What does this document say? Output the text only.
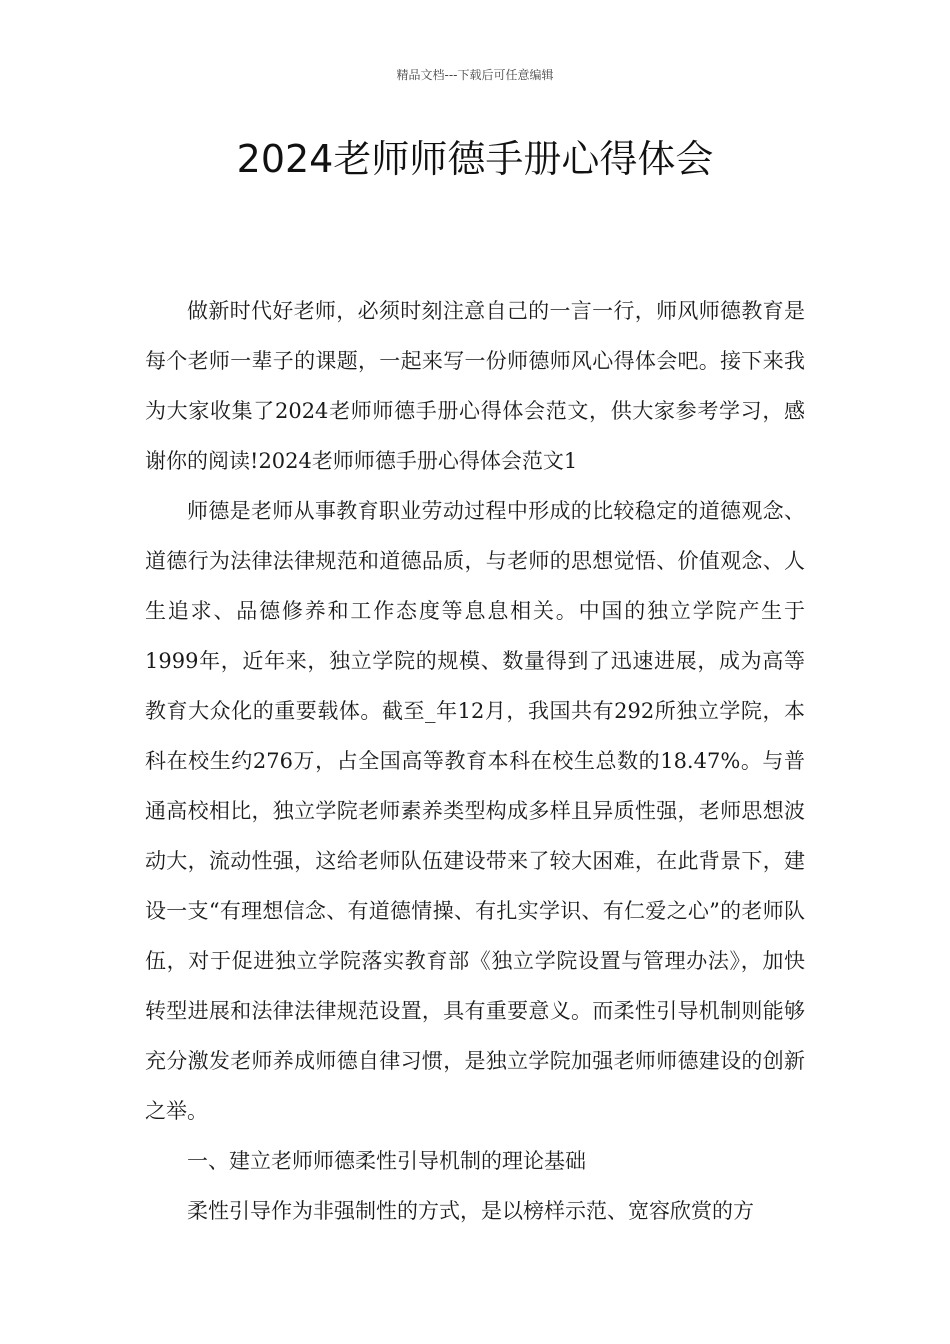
精品文档---下载后可任意编辑
2024老师师德手册心得体会

做新时代好老师，必须时刻注意自己的一言一行，师风师德教育是每个老师一辈子的课题，一起来写一份师德师风心得体会吧。接下来我为大家收集了2024老师师德手册心得体会范文，供大家参考学习，感谢你的阅读!2024老师师德手册心得体会范文1

师德是老师从事教育职业劳动过程中形成的比较稳定的道德观念、道德行为法律法律规范和道德品质，与老师的思想觉悟、价值观念、人生追求、品德修养和工作态度等息息相关。中国的独立学院产生于1999年，近年来，独立学院的规模、数量得到了迅速进展，成为高等教育大众化的重要载体。截至_年12月，我国共有292所独立学院，本科在校生约276万，占全国高等教育本科在校生总数的18.47%。与普通高校相比，独立学院老师素养类型构成多样且异质性强，老师思想波动大，流动性强，这给老师队伍建设带来了较大困难，在此背景下，建设一支“有理想信念、有道德情操、有扎实学识、有仁爱之心”的老师队伍，对于促进独立学院落实教育部《独立学院设置与管理办法》，加快转型进展和法律法律规范设置，具有重要意义。而柔性引导机制则能够充分激发老师养成师德自律习惯，是独立学院加强老师师德建设的创新之举。

一、建立老师师德柔性引导机制的理论基础

柔性引导作为非强制性的方式，是以榜样示范、宽容欣赏的方
